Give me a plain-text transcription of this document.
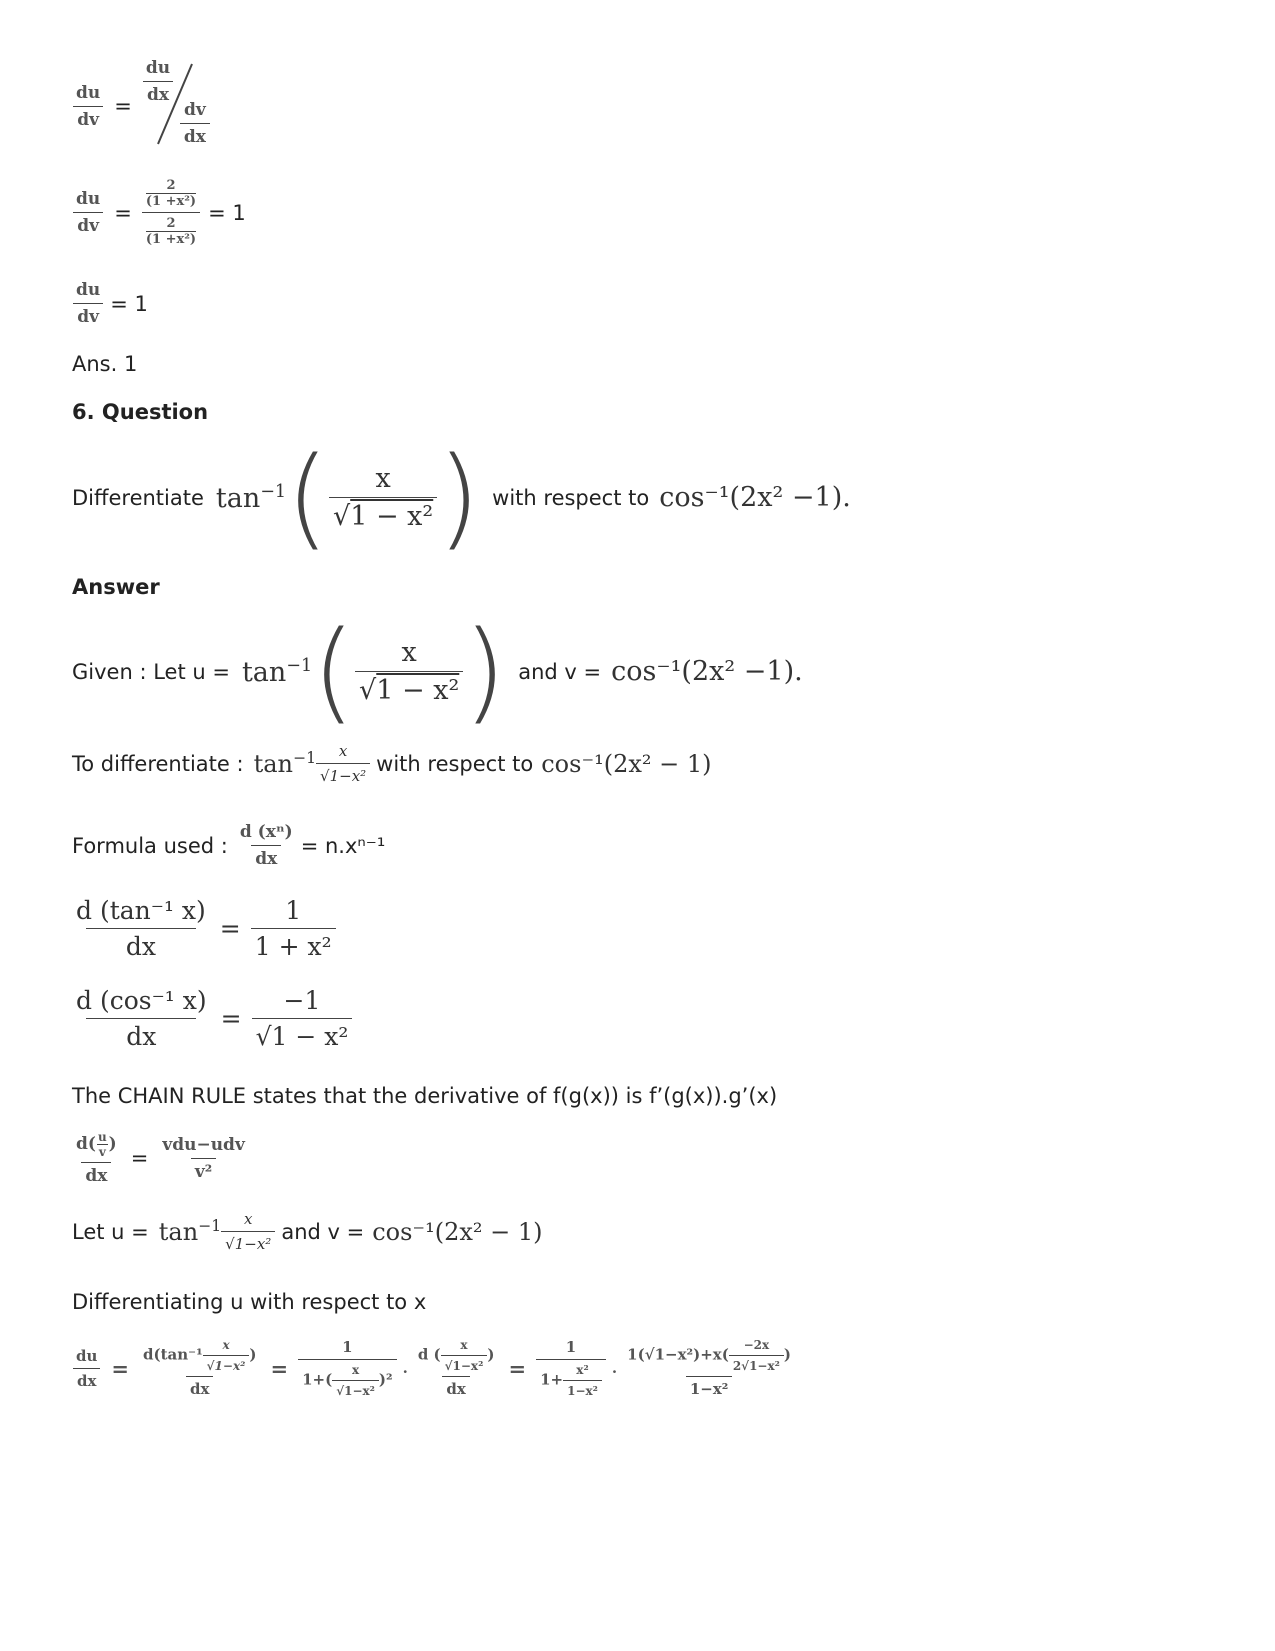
$\frac{du}{dv}$ =
$\frac{du}{dx}$
$\frac{dv}{dx}$
$\frac{du}{dv} = 2$
(1 +x²)
2
(1 +x²) = 1
$\frac{du}{dv} = 1$
Ans. 1
6. Question
Differentiate $\tan^{-1}$ ( $\frac{x}{\text{√1 − x²}}$ ) with respect to cos⁻¹(2x² −1).
Answer
Given : Let $u = \tan^{-1}$ ( $\frac{x}{\text{√1 − x²}}$ ) and v = cos⁻¹(2x² −1).
To differentiate : $\tan^{-1} \frac{x}{\text{√1−x²}}$ with respect to cos⁻¹(2x² − 1)
Formula used : $\frac{\text{d (xⁿ)}}{dx} = n.x^{n-1}$
$\frac{\text{d (tan⁻¹ x)}}{dx} = \frac{1}{\text{1 + x²}}$
$\frac{\text{d (cos⁻¹ x)}}{dx} = \frac{-1}{\text{√1 − x²}}$
The CHAIN RULE states that the derivative of f(g(x)) is f’(g(x)).g’(x)
$\frac{d( \frac{u}{v} )}{dx} = \frac{\text{vdu−udv}}{\text{v²}}$
Let $u = \tan^{-1} \frac{x}{\text{√1−x²}}$ and v = cos⁻¹(2x² − 1)
Differentiating u with respect to x
$\frac{du}{dx} = \frac{d(\tan^{-1} \frac{x}{\text{√1−x²}} )}{dx} = \frac{1}{1+( \frac{x}{\text{√1−x²}} )^2}$ . $\frac{d ( \frac{x}{\text{√1−x²}} )}{dx} = \frac{1}{1+ \frac{\text{x²}}{\text{1−x²}}}$ . $\frac{1(√1-x^2)+x( \frac{-2x}{\text{2√1−x²}} )}{\text{1−x²}}$
